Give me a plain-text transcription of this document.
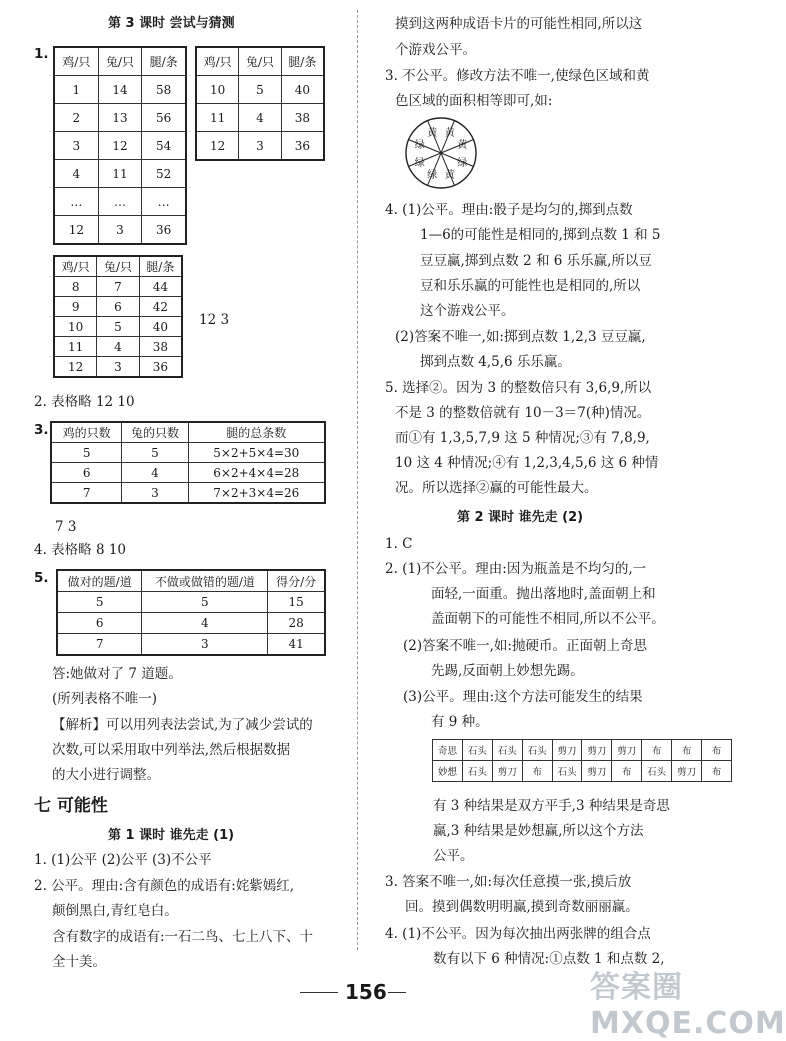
第 3 课时 尝试与猜测
1. 鸡/只	兔/只	腿/条
1	14	58
2	13	56
3	12	54
4	11	52
…	…	…
12	3	36
鸡/只	兔/只	腿/条
10	5	40
11	4	38
12	3	36
鸡/只	兔/只	腿/条
8	7	44
9	6	42
10	5	40
11	4	38
12	3	36
12 3
2. 表格略 12 10
3. 鸡的只数	兔的只数	腿的总条数
5	5	5×2+5×4=30
6	4	6×2+4×4=28
7	3	7×2+3×4=26
7 3
4. 表格略 8 10
5. 做对的题/道	不做或做错的题/道	得分/分
5	5	15
6	4	28
7	3	41
答:她做对了 7 道题。
(所列表格不唯一)
【解析】可以用列表法尝试,为了减少尝试的
次数,可以采用取中列举法,然后根据数据
的大小进行调整。
七 可能性
第 1 课时 谁先走 (1)
1. (1)公平 (2)公平 (3)不公平
2. 公平。理由:含有颜色的成语有:姹紫嫣红,
颠倒黑白,青红皂白。
含有数字的成语有:一石二鸟、七上八下、十
全十美。
摸到这两种成语卡片的可能性相同,所以这
个游戏公平。
3. 不公平。修改方法不唯一,使绿色区域和黄
色区域的面积相等即可,如:
黄 黄
黄
黄
绿
绿
绿
绿
4. (1)公平。理由:骰子是均匀的,掷到点数
1—6的可能性是相同的,掷到点数 1 和 5
豆豆赢,掷到点数 2 和 6 乐乐赢,所以豆
豆和乐乐赢的可能性也是相同的,所以
这个游戏公平。
(2)答案不唯一,如:掷到点数 1,2,3 豆豆赢,
掷到点数 4,5,6 乐乐赢。
5. 选择②。因为 3 的整数倍只有 3,6,9,所以
不是 3 的整数倍就有 10－3＝7(种)情况。
而①有 1,3,5,7,9 这 5 种情况;③有 7,8,9,
10 这 4 种情况;④有 1,2,3,4,5,6 这 6 种情
况。所以选择②赢的可能性最大。
第 2 课时 谁先走 (2)
1. C
2. (1)不公平。理由:因为瓶盖是不均匀的,一
面轻,一面重。抛出落地时,盖面朝上和
盖面朝下的可能性不相同,所以不公平。
(2)答案不唯一,如:抛硬币。正面朝上奇思
先踢,反面朝上妙想先踢。
(3)公平。理由:这个方法可能发生的结果
有 9 种。
奇思	石头	石头	石头	剪刀	剪刀	剪刀	布	布	布
妙想	石头	剪刀	布	石头	剪刀	布	石头	剪刀	布
有 3 种结果是双方平手,3 种结果是奇思
赢,3 种结果是妙想赢,所以这个方法
公平。
3. 答案不唯一,如:每次任意摸一张,摸后放
回。摸到偶数明明赢,摸到奇数丽丽赢。
4. (1)不公平。因为每次抽出两张牌的组合点
数有以下 6 种情况:①点数 1 和点数 2,
156	答案圈 MXQE.COM
